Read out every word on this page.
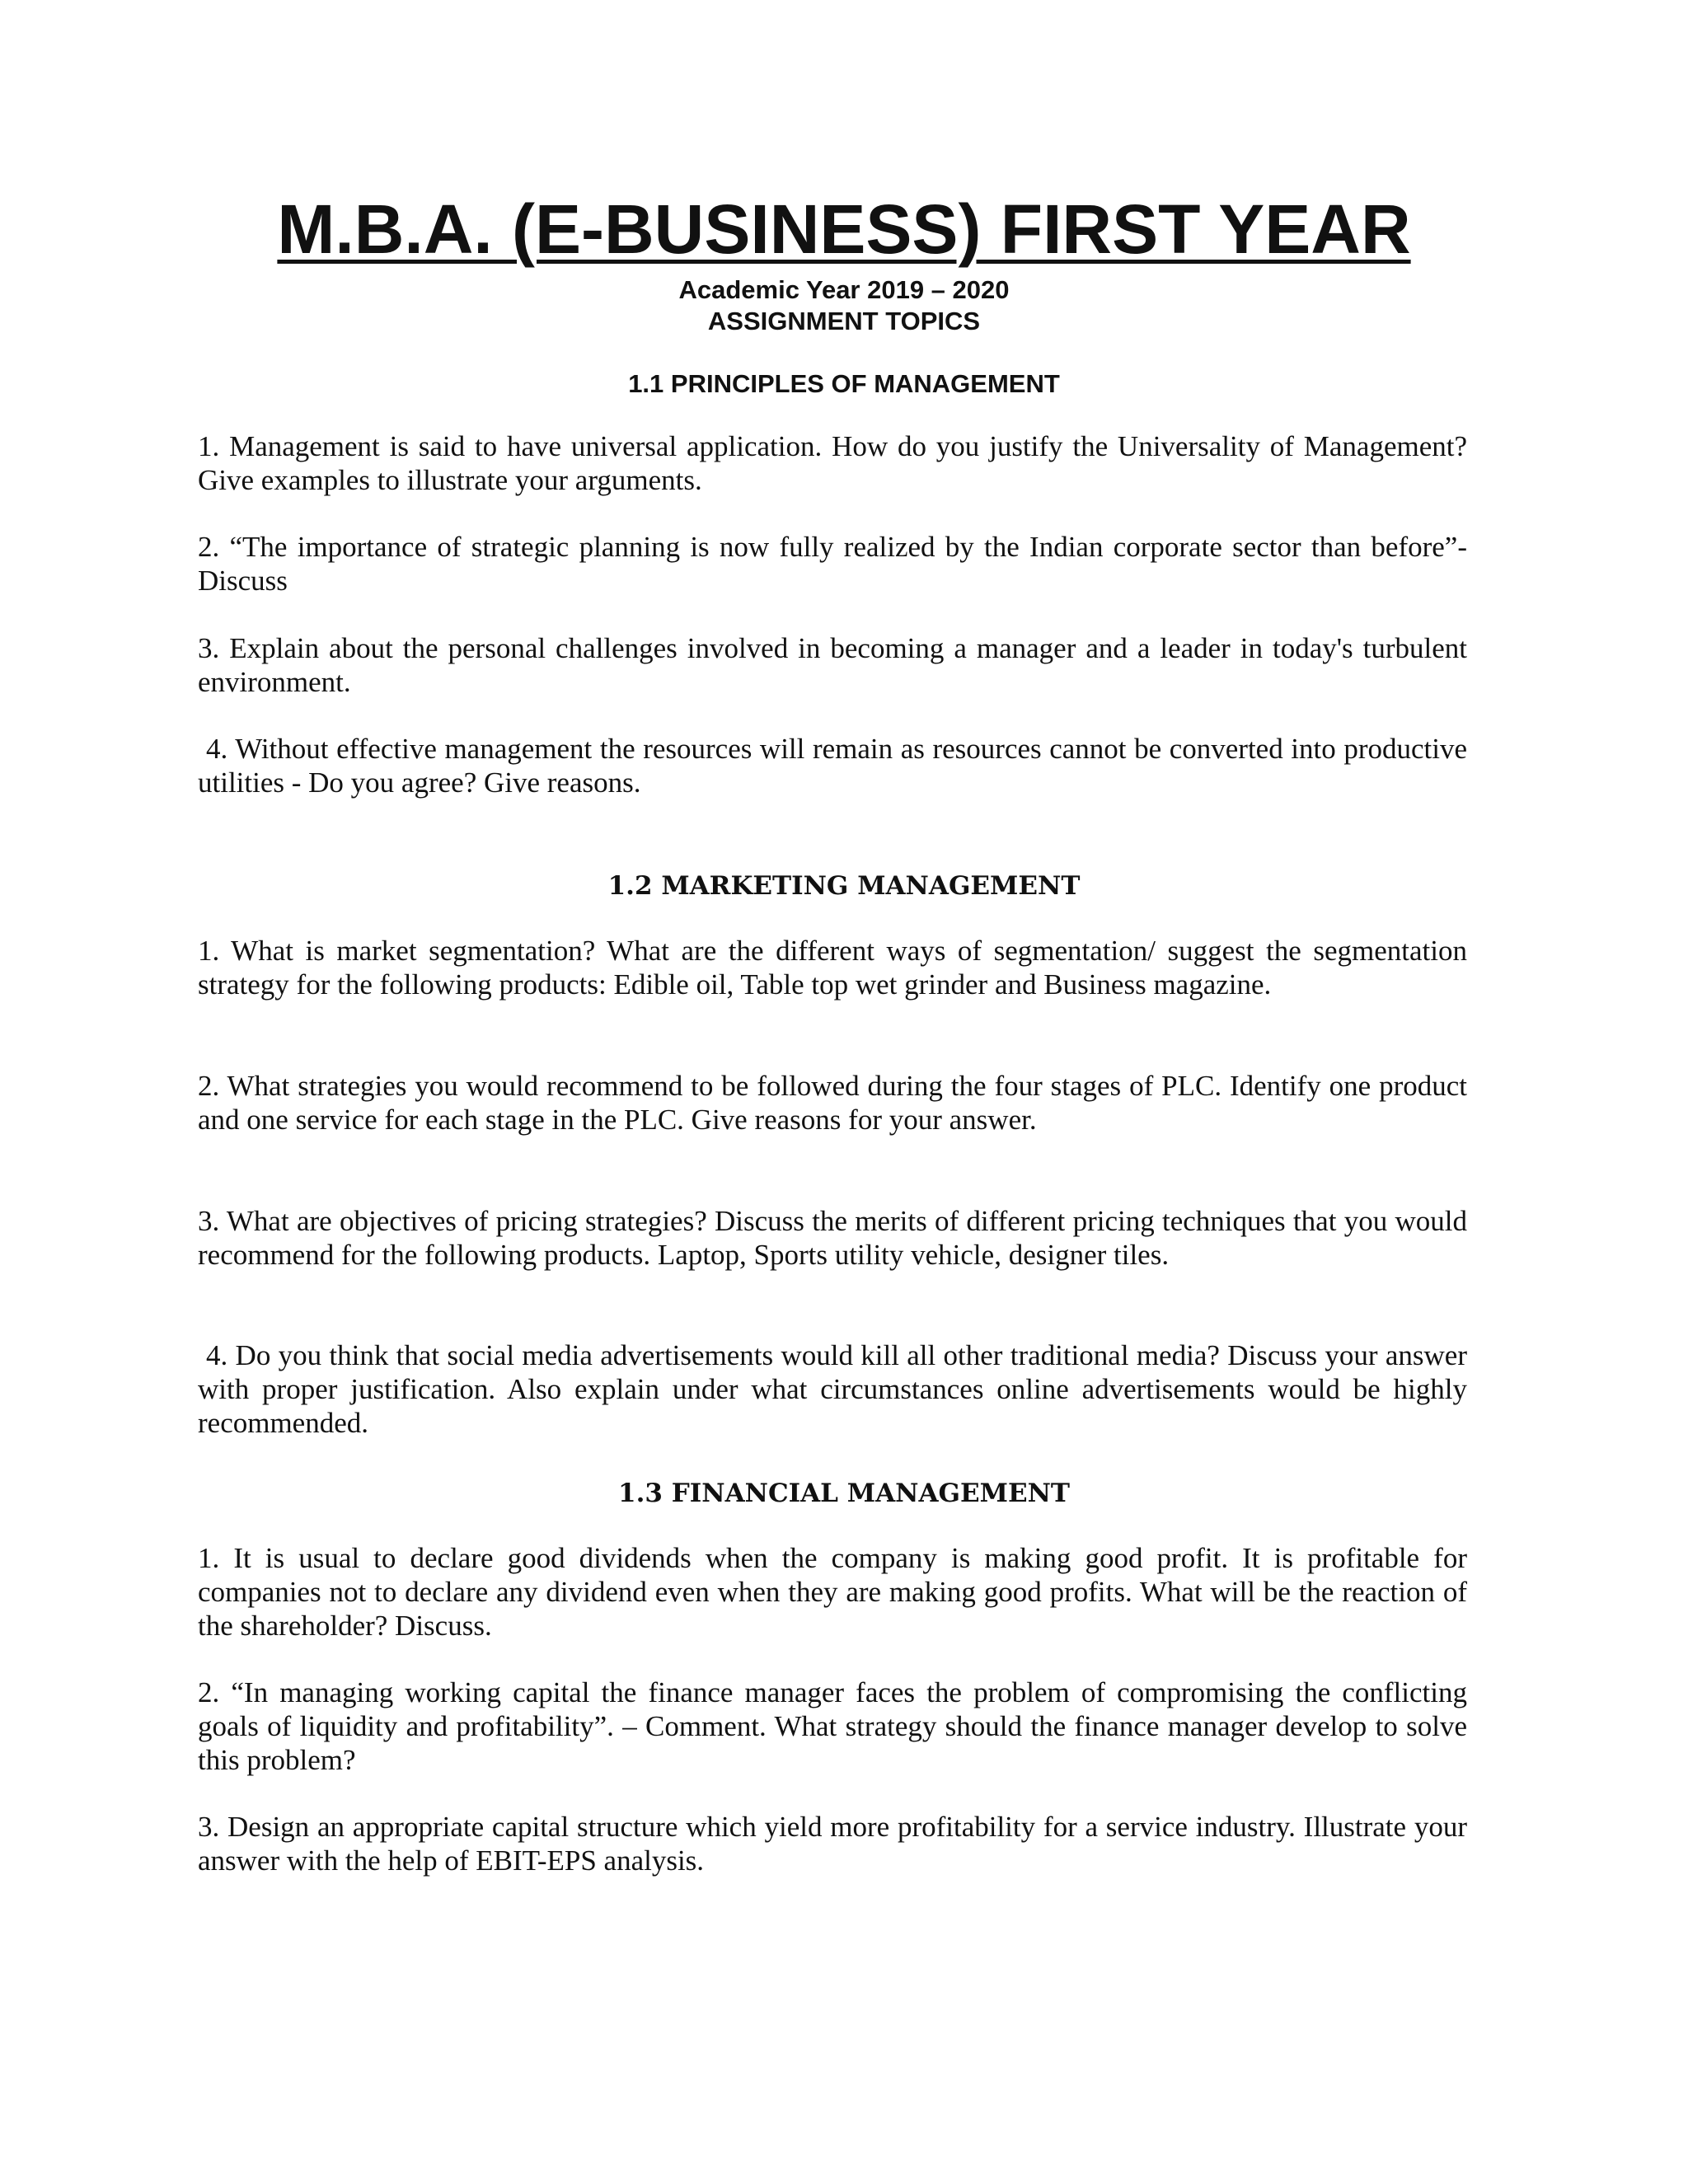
M.B.A. (E-BUSINESS) FIRST YEAR

Academic Year 2019 – 2020

ASSIGNMENT TOPICS

1.1 PRINCIPLES OF MANAGEMENT

1. Management is said to have universal application. How do you justify the Universality of Management? Give examples to illustrate your arguments.

2. “The importance of strategic planning is now fully realized by the Indian corporate sector than before”- Discuss

3. Explain about the personal challenges involved in becoming a manager and a leader in today's turbulent environment.

4. Without effective management the resources will remain as resources cannot be converted into productive utilities - Do you agree? Give reasons.

1.2 MARKETING MANAGEMENT

1. What is market segmentation? What are the different ways of segmentation/ suggest the segmentation strategy for the following products: Edible oil, Table top wet grinder and Business magazine.

2. What strategies you would recommend to be followed during the four stages of PLC. Identify one product and one service for each stage in the PLC. Give reasons for your answer.

3. What are objectives of pricing strategies? Discuss the merits of different pricing techniques that you would recommend for the following products. Laptop, Sports utility vehicle, designer tiles.

4. Do you think that social media advertisements would kill all other traditional media? Discuss your answer with proper justification. Also explain under what circumstances online advertisements would be highly recommended.

1.3 FINANCIAL MANAGEMENT

1. It is usual to declare good dividends when the company is making good profit. It is profitable for companies not to declare any dividend even when they are making good profits. What will be the reaction of the shareholder? Discuss.

2. “In managing working capital the finance manager faces the problem of compromising the conflicting goals of liquidity and profitability”. – Comment. What strategy should the finance manager develop to solve this problem?

3. Design an appropriate capital structure which yield more profitability for a service industry. Illustrate your answer with the help of EBIT-EPS analysis.
